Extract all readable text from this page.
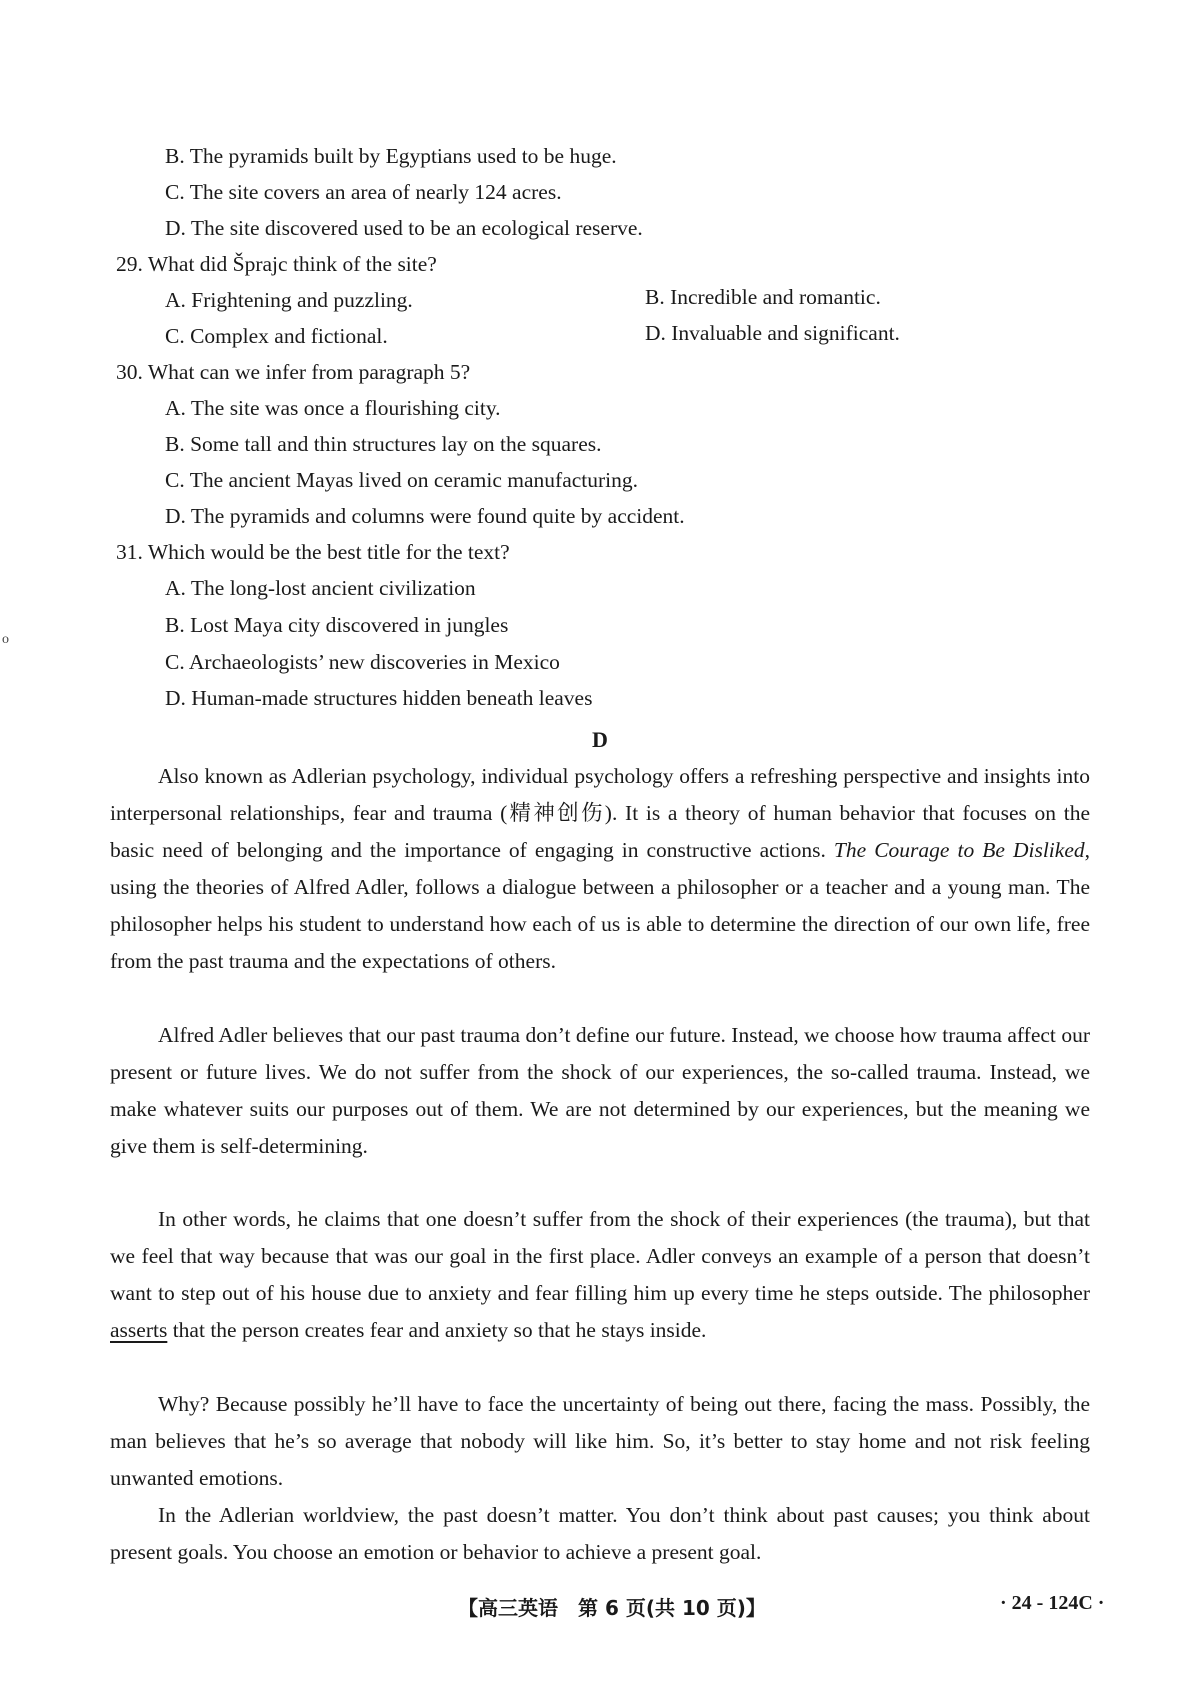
B. The pyramids built by Egyptians used to be huge.
C. The site covers an area of nearly 124 acres.
D. The site discovered used to be an ecological reserve.
29. What did Šprajc think of the site?
A. Frightening and puzzling.	B. Incredible and romantic.
C. Complex and fictional.	D. Invaluable and significant.
30. What can we infer from paragraph 5?
A. The site was once a flourishing city.
B. Some tall and thin structures lay on the squares.
C. The ancient Mayas lived on ceramic manufacturing.
D. The pyramids and columns were found quite by accident.
31. Which would be the best title for the text?
A. The long-lost ancient civilization
B. Lost Maya city discovered in jungles
C. Archaeologists’ new discoveries in Mexico
D. Human-made structures hidden beneath leaves
o
D

Also known as Adlerian psychology, individual psychology offers a refreshing perspective and insights into interpersonal relationships, fear and trauma (精神创伤). It is a theory of human behavior that focuses on the basic need of belonging and the importance of engaging in constructive actions. The Courage to Be Disliked, using the theories of Alfred Adler, follows a dialogue between a philosopher or a teacher and a young man. The philosopher helps his student to understand how each of us is able to determine the direction of our own life, free from the past trauma and the expectations of others.

Alfred Adler believes that our past trauma don’t define our future. Instead, we choose how trauma affect our present or future lives. We do not suffer from the shock of our experiences, the so-called trauma. Instead, we make whatever suits our purposes out of them. We are not determined by our experiences, but the meaning we give them is self-determining.

In other words, he claims that one doesn’t suffer from the shock of their experiences (the trauma), but that we feel that way because that was our goal in the first place. Adler conveys an example of a person that doesn’t want to step out of his house due to anxiety and fear filling him up every time he steps outside. The philosopher asserts that the person creates fear and anxiety so that he stays inside.

Why? Because possibly he’ll have to face the uncertainty of being out there, facing the mass. Possibly, the man believes that he’s so average that nobody will like him. So, it’s better to stay home and not risk feeling unwanted emotions.

In the Adlerian worldview, the past doesn’t matter. You don’t think about past causes; you think about present goals. You choose an emotion or behavior to achieve a present goal.

【高三英语　第 6 页(共 10 页)】	· 24 - 124C ·
